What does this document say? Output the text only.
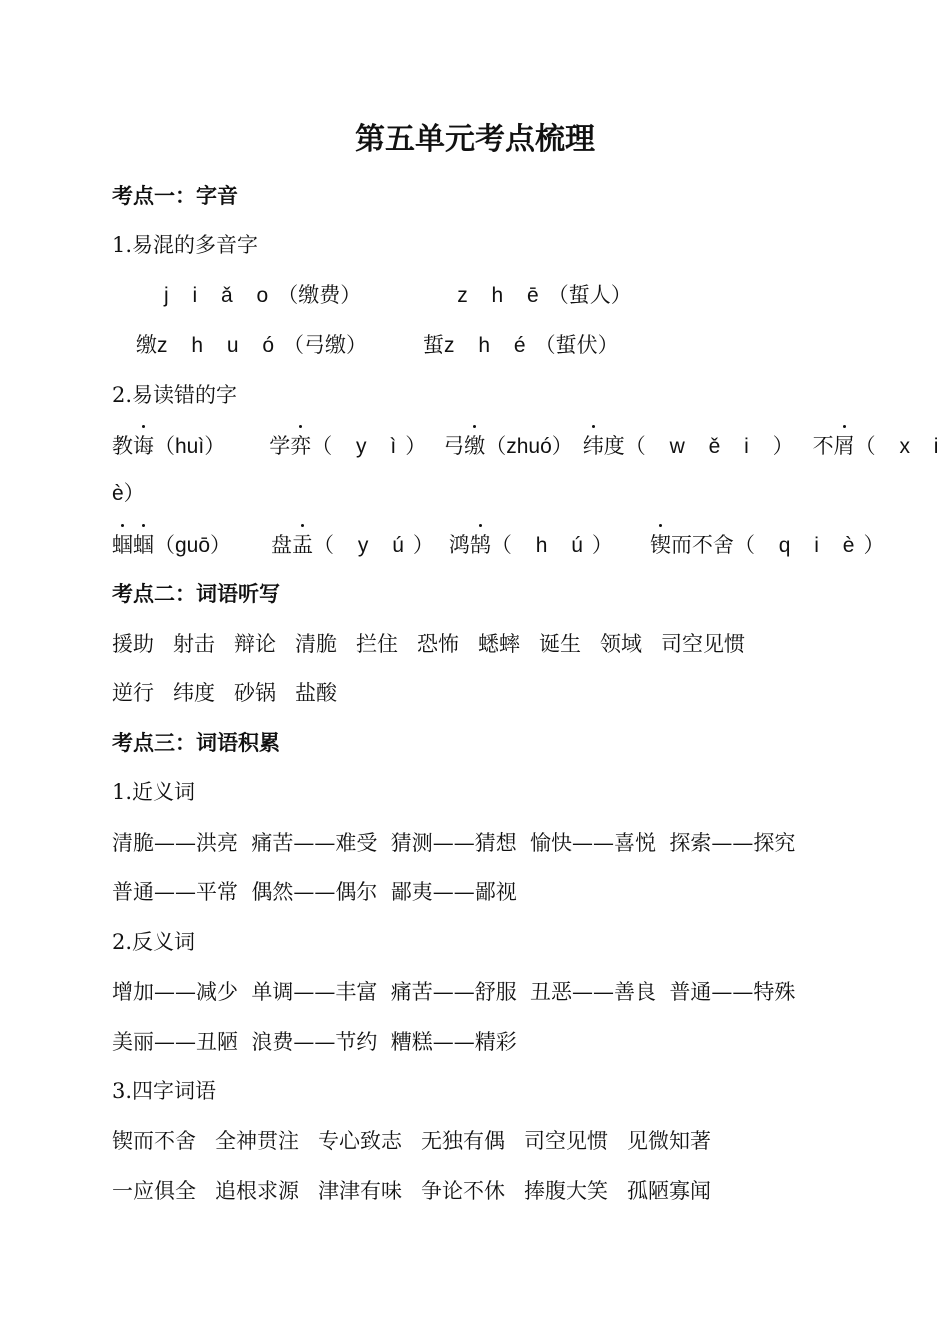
第五单元考点梳理
考点一：字音
1.易混的多音字
j i ǎ o（缴费）	z h ē（蜇人）
缴z h u ó（弓缴）	蜇z h é（蜇伏）
2.易读错的字
教诲（huì） 学弈（ y ì） 弓缴（zhuó） 纬度（ w ě i ） 不屑（ x i
è）
蝈蝈（guō） 盘盂（ y ú） 鸿鹄（ h ú） 锲而不舍（ q i è）
考点二：词语听写
援助 射击 辩论 清脆 拦住 恐怖 蟋蟀 诞生 领域 司空见惯
逆行 纬度 砂锅 盐酸
考点三：词语积累
1.近义词
清脆——洪亮  痛苦——难受  猜测——猜想  愉快——喜悦  探索——探究
普通——平常  偶然——偶尔  鄙夷——鄙视
2.反义词
增加——减少  单调——丰富  痛苦——舒服  丑恶——善良  普通——特殊
美丽——丑陋  浪费——节约  糟糕——精彩
3.四字词语
锲而不舍 全神贯注 专心致志 无独有偶 司空见惯 见微知著
一应俱全 追根求源 津津有味 争论不休 捧腹大笑 孤陋寡闻
